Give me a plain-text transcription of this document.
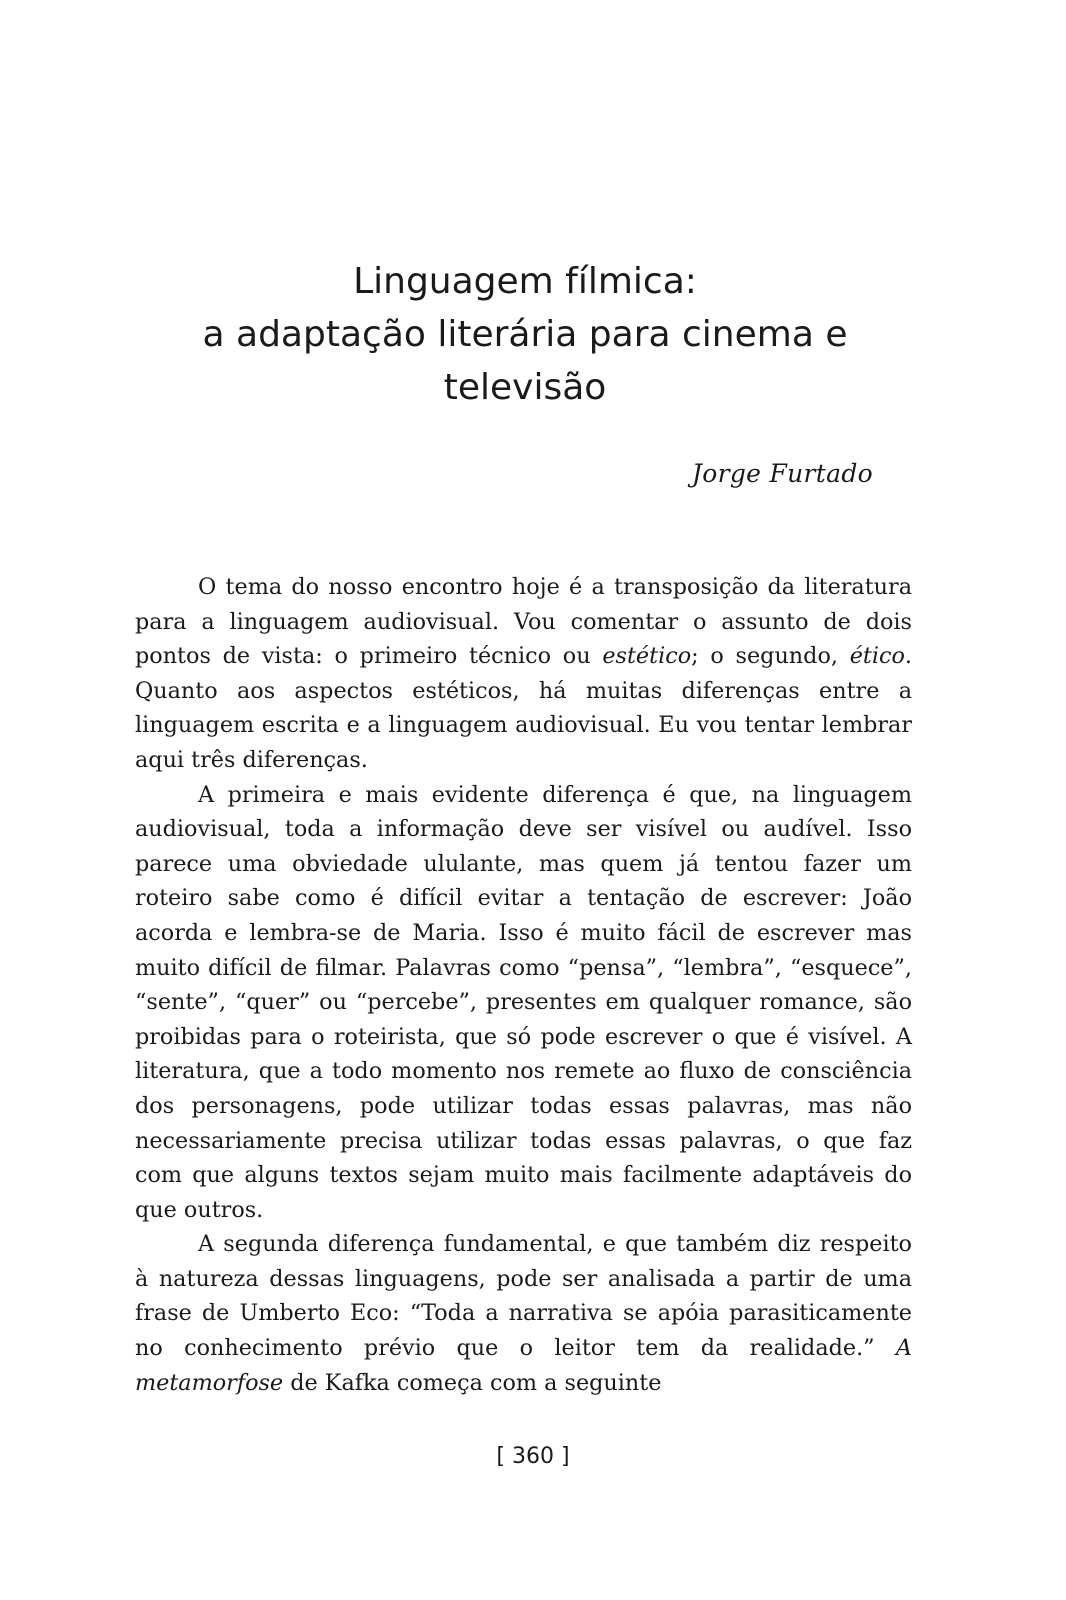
Linguagem fílmica:
a adaptação literária para cinema e
televisão
Jorge Furtado

O tema do nosso encontro hoje é a transposição da literatura para a linguagem audiovisual. Vou comentar o assunto de dois pontos de vista: o primeiro técnico ou estético; o segundo, ético. Quanto aos aspectos estéticos, há muitas diferenças entre a linguagem escrita e a linguagem audiovisual. Eu vou tentar lembrar aqui três diferenças.

A primeira e mais evidente diferença é que, na linguagem audiovisual, toda a informação deve ser visível ou audível. Isso parece uma obviedade ululante, mas quem já tentou fazer um roteiro sabe como é difícil evitar a tentação de escrever: João acorda e lembra-se de Maria. Isso é muito fácil de escrever mas muito difícil de filmar. Palavras como “pensa”, “lembra”, “esquece”, “sente”, “quer” ou “percebe”, presentes em qualquer romance, são proibidas para o roteirista, que só pode escrever o que é visível. A literatura, que a todo momento nos remete ao fluxo de consciência dos personagens, pode utilizar todas essas palavras, mas não necessariamente precisa utilizar todas essas palavras, o que faz com que alguns textos sejam muito mais facilmente adaptáveis do que outros.

A segunda diferença fundamental, e que também diz respeito à natureza dessas linguagens, pode ser analisada a partir de uma frase de Umberto Eco: “Toda a narrativa se apóia parasiticamente no conhecimento prévio que o leitor tem da realidade.” A metamorfose de Kafka começa com a seguinte

[ 360 ]
